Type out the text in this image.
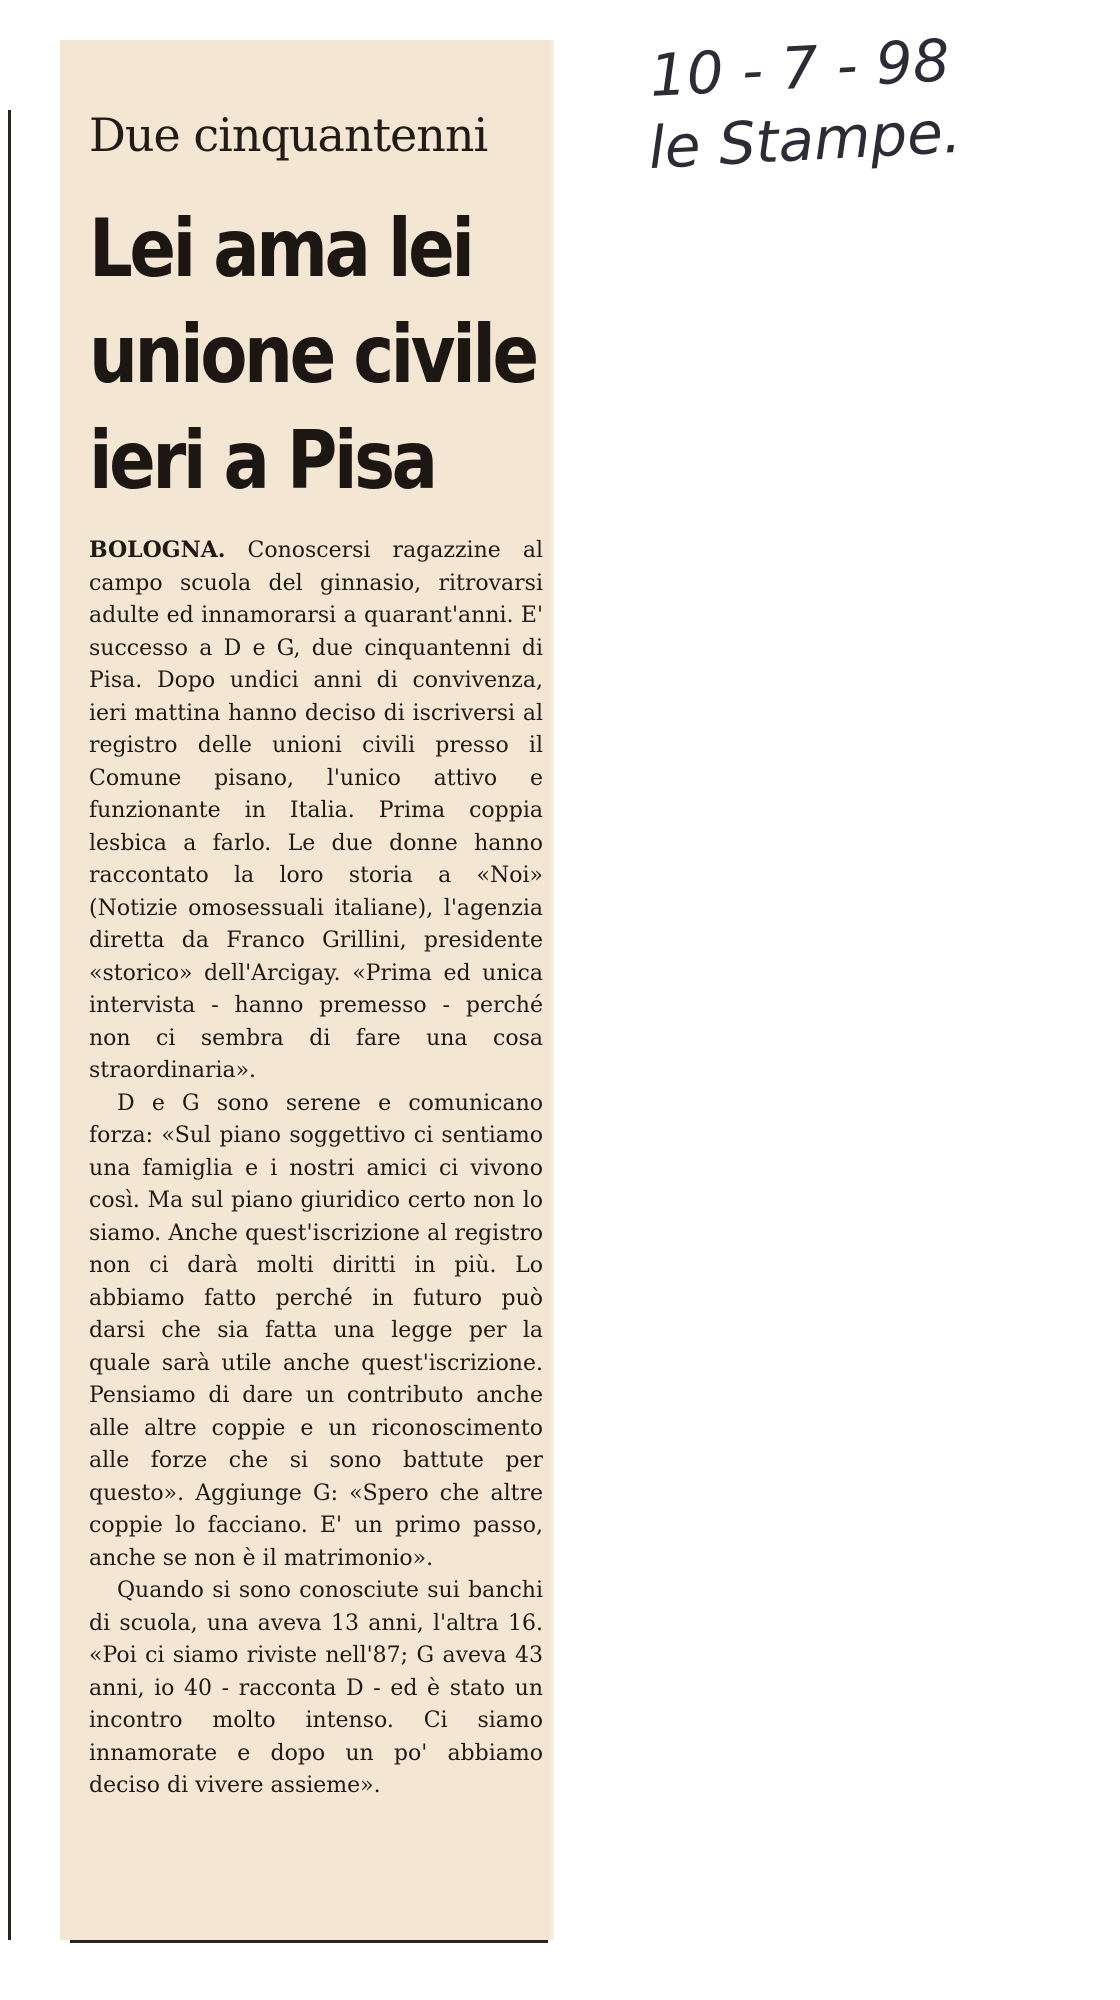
Due cinquantenni
Lei ama lei
unione civile
ieri a Pisa

BOLOGNA. Conoscersi ragazzine al campo scuola del ginnasio, ritrovarsi adulte ed innamorarsi a quarant'anni. E' successo a D e G, due cinquantenni di Pisa. Dopo undici anni di convivenza, ieri mattina hanno deciso di iscriversi al registro delle unioni civili presso il Comune pisano, l'unico attivo e funzionante in Italia. Prima coppia lesbica a farlo. Le due donne hanno raccontato la loro storia a «Noi» (Notizie omosessuali italiane), l'agenzia diretta da Franco Grillini, presidente «storico» dell'Arcigay. «Prima ed unica intervista - hanno premesso - perché non ci sembra di fare una cosa straordinaria».

D e G sono serene e comunicano forza: «Sul piano soggettivo ci sentiamo una famiglia e i nostri amici ci vivono così. Ma sul piano giuridico certo non lo siamo. Anche quest'iscrizione al registro non ci darà molti diritti in più. Lo abbiamo fatto perché in futuro può darsi che sia fatta una legge per la quale sarà utile anche quest'iscrizione. Pensiamo di dare un contributo anche alle altre coppie e un riconoscimento alle forze che si sono battute per questo». Aggiunge G: «Spero che altre coppie lo facciano. E' un primo passo, anche se non è il matrimonio».

Quando si sono conosciute sui banchi di scuola, una aveva 13 anni, l'altra 16. «Poi ci siamo riviste nell'87; G aveva 43 anni, io 40 - racconta D - ed è stato un incontro molto intenso. Ci siamo innamorate e dopo un po' abbiamo deciso di vivere assieme».

10 - 7 - 98
le Stampe.
